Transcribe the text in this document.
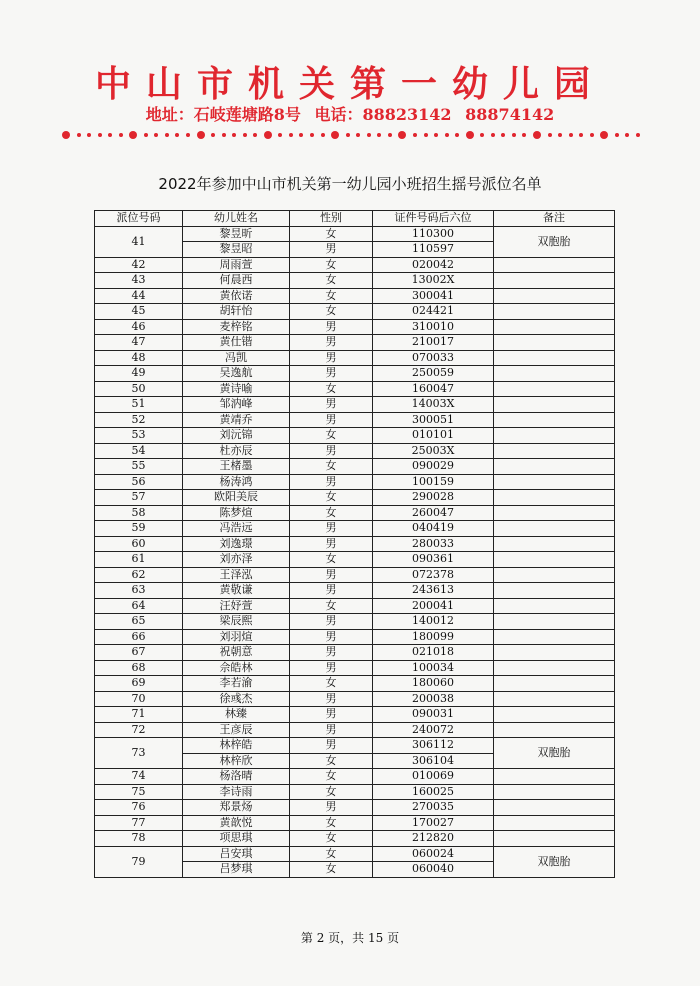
中山市机关第一幼儿园
地址：石岐莲塘路8号 电话：88823142 88874142
2022年参加中山市机关第一幼儿园小班招生摇号派位名单
派位号码	幼儿姓名	性别	证件号码后六位	备注
41	黎昱昕	女	110300	双胞胎
	黎昱昭	男	110597	
42	周雨萱	女	020042	
43	何晨西	女	13002X	
44	黄依诺	女	300041	
45	胡轩怡	女	024421	
46	麦梓铭	男	310010	
47	黄仕锴	男	210017	
48	冯凯	男	070033	
49	吴逸航	男	250059	
50	黄诗喻	女	160047	
51	邹汭峰	男	14003X	
52	黄靖乔	男	300051	
53	刘沅锦	女	010101	
54	杜亦辰	男	25003X	
55	王楮墨	女	090029	
56	杨涛鸿	男	100159	
57	欧阳美辰	女	290028	
58	陈梦煊	女	260047	
59	冯浩远	男	040419	
60	刘逸璟	男	280033	
61	刘亦泽	女	090361	
62	王泽泓	男	072378	
63	黄敬谦	男	243613	
64	汪妤萱	女	200041	
65	梁辰熙	男	140012	
66	刘羽煊	男	180099	
67	祝朝意	男	021018	
68	佘皓林	男	100034	
69	李若渝	女	180060	
70	徐彧杰	男	200038	
71	林臻	男	090031	
72	王彦辰	男	240072	
73	林梓皓	男	306112	双胞胎
	林梓欣	女	306104	
74	杨洛晴	女	010069	
75	李诗雨	女	160025	
76	郑景炀	男	270035	
77	黄歆悦	女	170027	
78	项思琪	女	212820	
79	吕安琪	女	060024	双胞胎
	吕梦琪	女	060040	
第 2 页，共 15 页
